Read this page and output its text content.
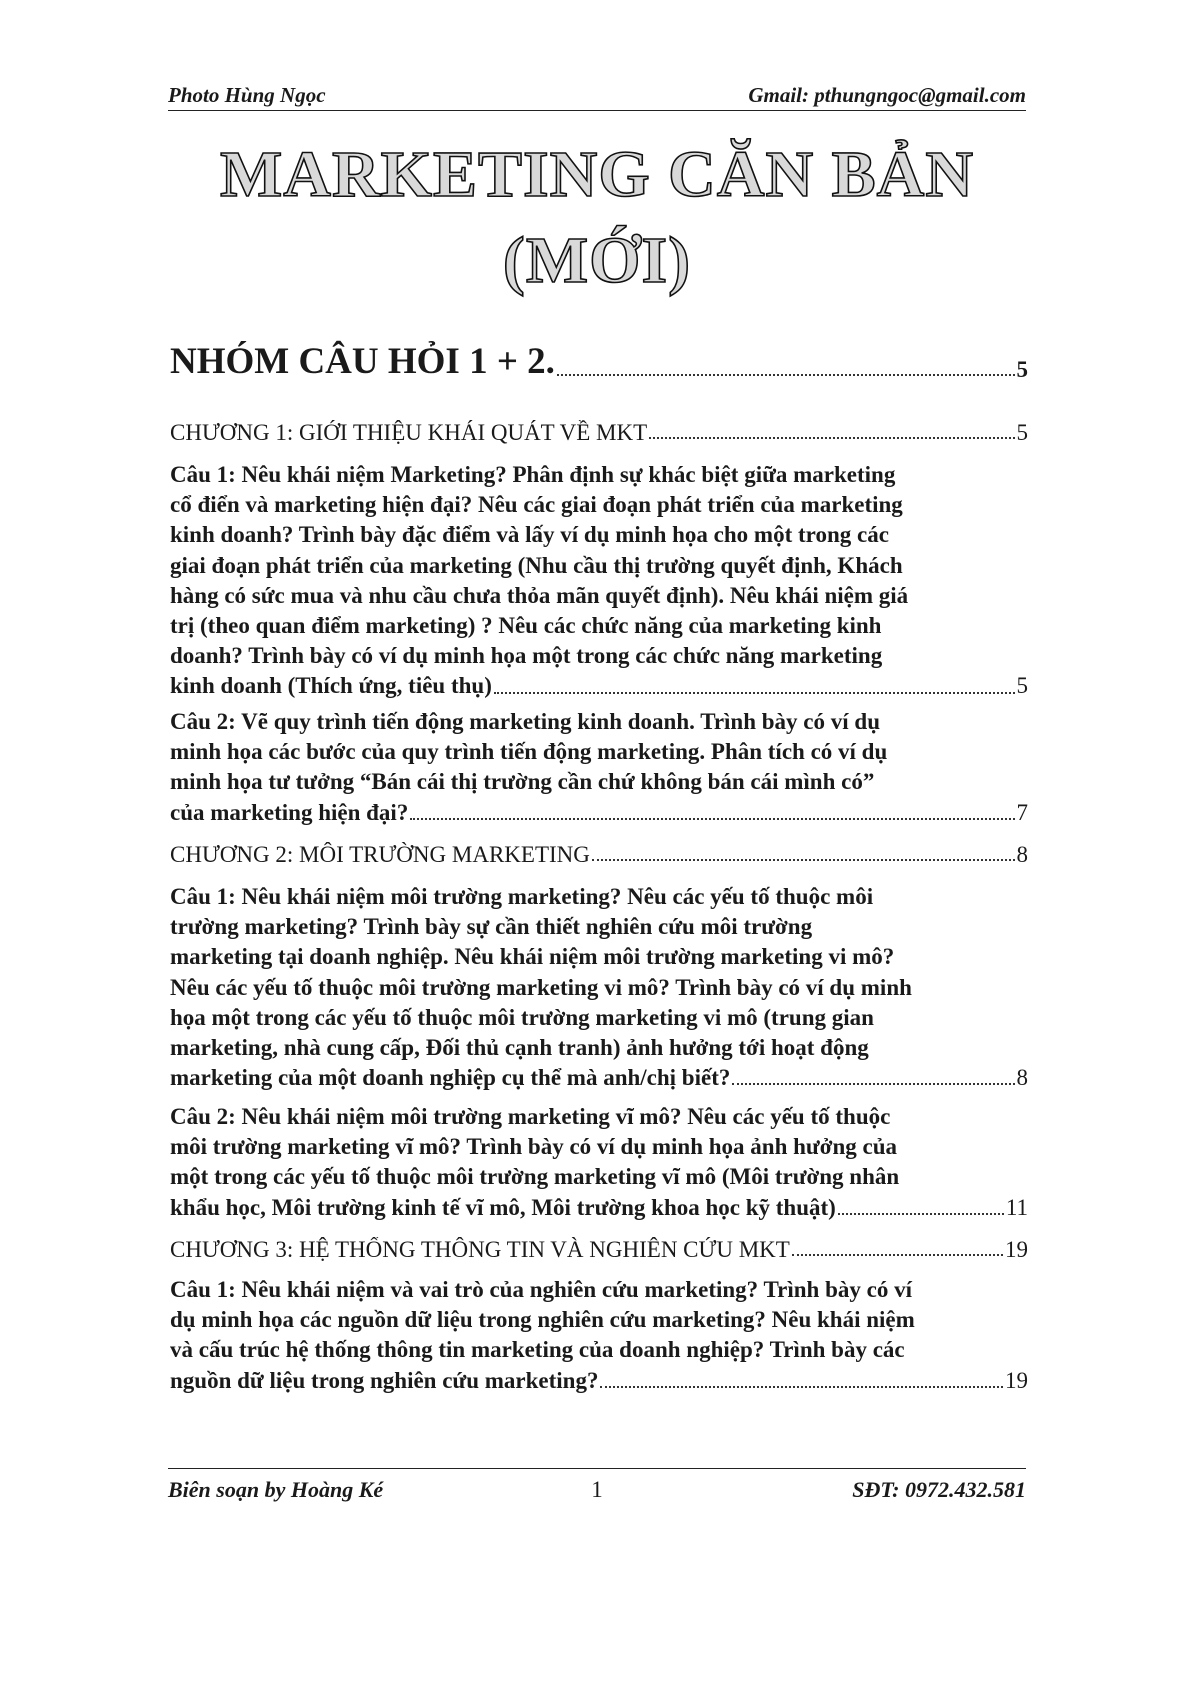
Photo Hùng Ngọc	Gmail: pthungngoc@gmail.com
MARKETING CĂN BẢN
(MỚI)
NHÓM CÂU HỎI 1 + 2.	5
CHƯƠNG 1: GIỚI THIỆU KHÁI QUÁT VỀ MKT	5
Câu 1: Nêu khái niệm Marketing? Phân định sự khác biệt giữa marketing
cổ điển và marketing hiện đại? Nêu các giai đoạn phát triển của marketing
kinh doanh? Trình bày đặc điểm và lấy ví dụ minh họa cho một trong các
giai đoạn phát triển của marketing (Nhu cầu thị trường quyết định, Khách
hàng có sức mua và nhu cầu chưa thỏa mãn quyết định). Nêu khái niệm giá
trị (theo quan điểm marketing) ? Nêu các chức năng của marketing kinh
doanh? Trình bày có ví dụ minh họa một trong các chức năng marketing
kinh doanh (Thích ứng, tiêu thụ)	5
Câu 2: Vẽ quy trình tiến động marketing kinh doanh. Trình bày có ví dụ
minh họa các bước của quy trình tiến động marketing. Phân tích có ví dụ
minh họa tư tưởng “Bán cái thị trường cần chứ không bán cái mình có”
của marketing hiện đại?	7
CHƯƠNG 2: MÔI TRƯỜNG MARKETING	8
Câu 1: Nêu khái niệm môi trường marketing? Nêu các yếu tố thuộc môi
trường marketing? Trình bày sự cần thiết nghiên cứu môi trường
marketing tại doanh nghiệp. Nêu khái niệm môi trường marketing vi mô?
Nêu các yếu tố thuộc môi trường marketing vi mô? Trình bày có ví dụ minh
họa một trong các yếu tố thuộc môi trường marketing vi mô (trung gian
marketing, nhà cung cấp, Đối thủ cạnh tranh) ảnh hưởng tới hoạt động
marketing của một doanh nghiệp cụ thể mà anh/chị biết?	8
Câu 2: Nêu khái niệm môi trường marketing vĩ mô? Nêu các yếu tố thuộc
môi trường marketing vĩ mô? Trình bày có ví dụ minh họa ảnh hưởng của
một trong các yếu tố thuộc môi trường marketing vĩ mô (Môi trường nhân
khẩu học, Môi trường kinh tế vĩ mô, Môi trường khoa học kỹ thuật)	11
CHƯƠNG 3: HỆ THỐNG THÔNG TIN VÀ NGHIÊN CỨU MKT	19
Câu 1: Nêu khái niệm và vai trò của nghiên cứu marketing? Trình bày có ví
dụ minh họa các nguồn dữ liệu trong nghiên cứu marketing? Nêu khái niệm
và cấu trúc hệ thống thông tin marketing của doanh nghiệp? Trình bày các
nguồn dữ liệu trong nghiên cứu marketing?	19
Biên soạn by Hoàng Ké	1	SĐT: 0972.432.581
